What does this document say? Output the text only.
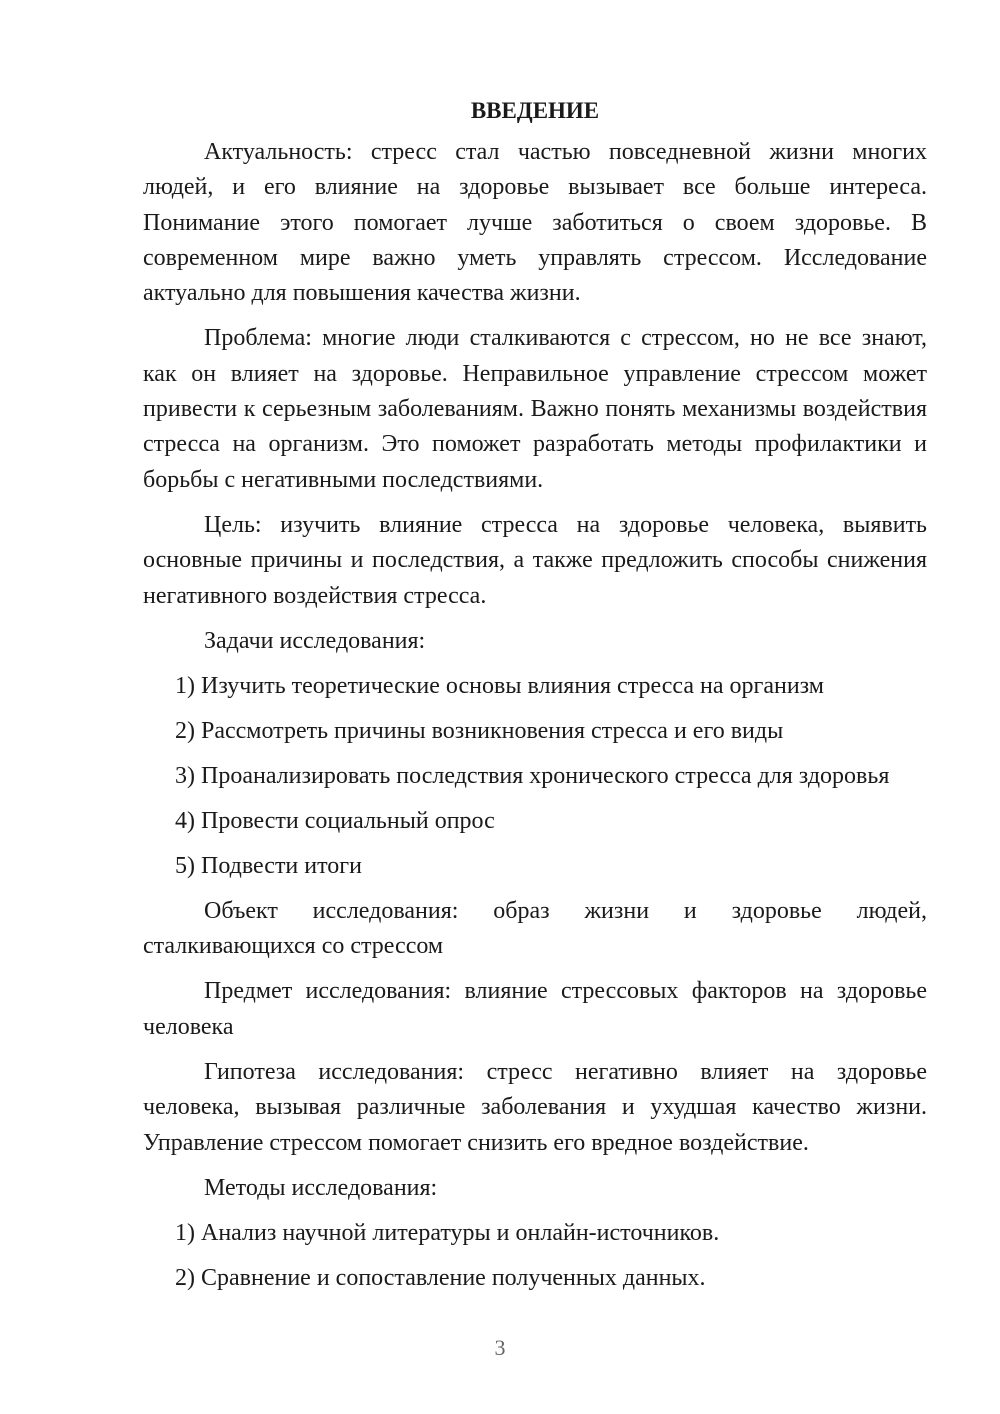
ВВЕДЕНИЕ

Актуальность: стресс стал частью повседневной жизни многих людей, и его влияние на здоровье вызывает все больше интереса. Понимание этого помогает лучше заботиться о своем здоровье. В современном мире важно уметь управлять стрессом. Исследование актуально для повышения качества жизни.

Проблема: многие люди сталкиваются с стрессом, но не все знают, как он влияет на здоровье. Неправильное управление стрессом может привести к серьезным заболеваниям. Важно понять механизмы воздействия стресса на организм. Это поможет разработать методы профилактики и борьбы с негативными последствиями.

Цель: изучить влияние стресса на здоровье человека, выявить основные причины и последствия, а также предложить способы снижения негативного воздействия стресса.

Задачи исследования:

1) Изучить теоретические основы влияния стресса на организм

2) Рассмотреть причины возникновения стресса и его виды

3) Проанализировать последствия хронического стресса для здоровья

4) Провести социальный опрос

5) Подвести итоги

Объект исследования: образ жизни и здоровье людей, сталкивающихся со стрессом

Предмет исследования: влияние стрессовых факторов на здоровье человека

Гипотеза исследования: стресс негативно влияет на здоровье человека, вызывая различные заболевания и ухудшая качество жизни. Управление стрессом помогает снизить его вредное воздействие.

Методы исследования:

1) Анализ научной литературы и онлайн-источников.

2) Сравнение и сопоставление полученных данных.

3
